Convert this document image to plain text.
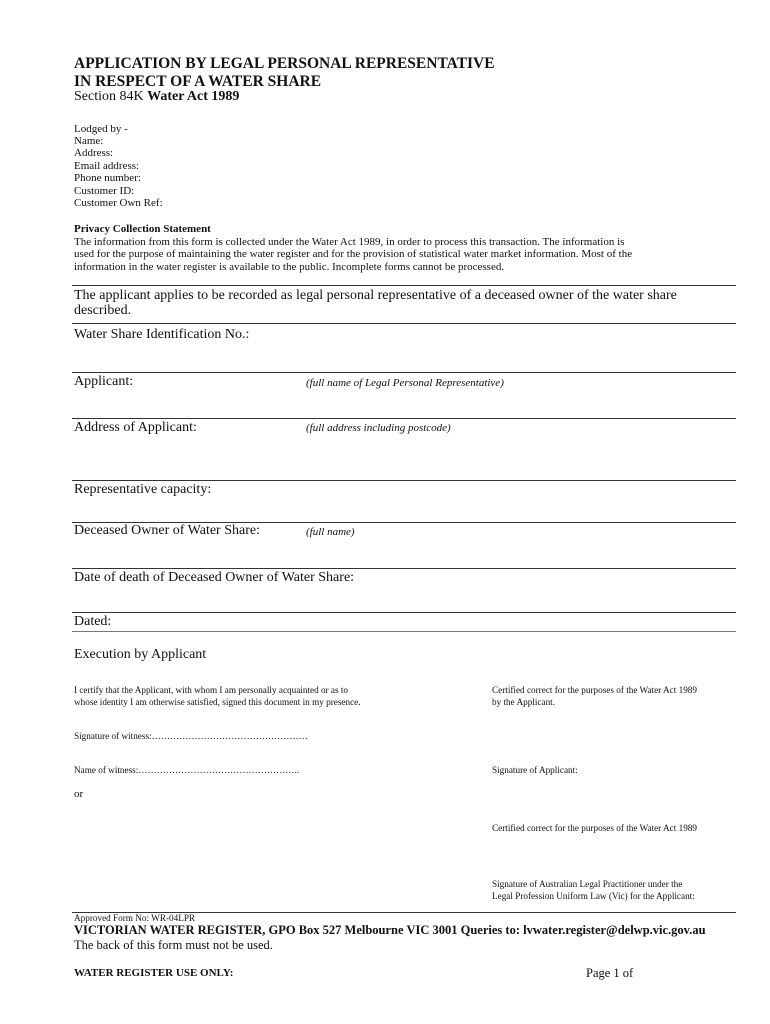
APPLICATION BY LEGAL PERSONAL REPRESENTATIVE
IN RESPECT OF A WATER SHARE
Section 84K Water Act 1989
Lodged by -
Name:
Address:
Email address:
Phone number:
Customer ID:
Customer Own Ref:
Privacy Collection Statement
The information from this form is collected under the Water Act 1989, in order to process this transaction. The information is
used for the purpose of maintaining the water register and for the provision of statistical water market information. Most of the
information in the water register is available to the public. Incomplete forms cannot be processed.
The applicant applies to be recorded as legal personal representative of a deceased owner of the water share
described.
Water Share Identification No.:
Applicant:	(full name of Legal Personal Representative)
Address of Applicant:	(full address including postcode)
Representative capacity:
Deceased Owner of Water Share:	(full name)
Date of death of Deceased Owner of Water Share:
Dated:
Execution by Applicant
I certify that the Applicant, with whom I am personally acquainted or as to
whose identity I am otherwise satisfied, signed this document in my presence.
Certified correct for the purposes of the Water Act 1989
by the Applicant.
Signature of witness:……………………………………………
Name of witness:……………………………………………..	Signature of Applicant:
or
Certified correct for the purposes of the Water Act 1989
Signature of Australian Legal Practitioner under the
Legal Profession Uniform Law (Vic) for the Applicant:
Approved Form No: WR-04LPR
VICTORIAN WATER REGISTER, GPO Box 527 Melbourne VIC 3001 Queries to: lvwater.register@delwp.vic.gov.au
The back of this form must not be used.
WATER REGISTER USE ONLY:	Page 1 of
